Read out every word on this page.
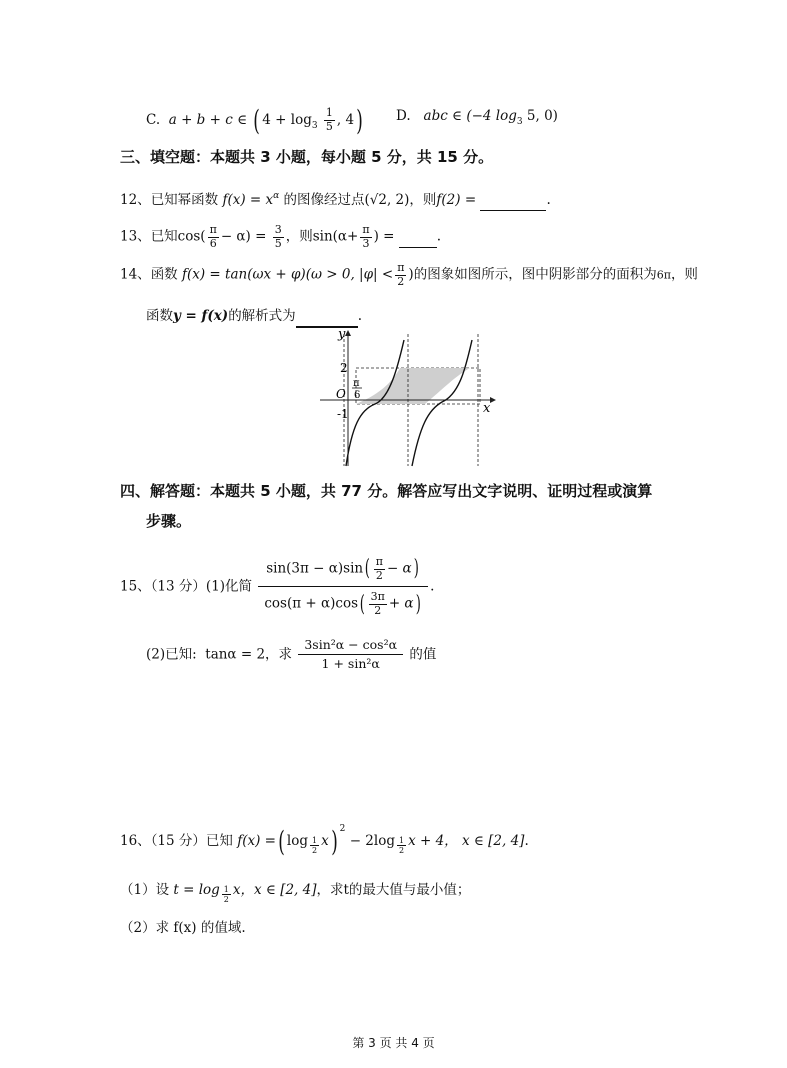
C. a + b + c ∈ ( $4 + \log_3 \frac{1}{5}$ , 4) D. abc ∈ (−4 $\log_3 5$, 0)
三、填空题：本题共 3 小题，每小题 5 分，共 15 分。
12、已知幂函数 $f(x) = x^\alpha$ 的图像经过点(√2, 2)，则f(2) =	.
13、已知$\cos( \frac{\pi}{6} - \alpha) = \frac{3}{5}$ ，则$\sin(\alpha+ \frac{\pi}{3}$ ) =	.
14、函数 f(x) = tan(ωx + φ)(ω > 0, $|\varphi| < \frac{\pi}{2}$ )的图象如图所示，图中阴影部分的面积为6π，则
函数y = f(x)的解析式为	.
y
x
O
2
π
6
-1
四、解答题：本题共 5 小题，共 77 分。解答应写出文字说明、证明过程或演算
步骤。
15、（13 分）(1)化简 $\frac{\sin(3\pi - \alpha)\sin( \frac{\pi}{2} - \alpha)}{\cos(\pi + \alpha)\cos( \frac{3\pi}{2} + \alpha)}$ .
(2)已知: tanα = 2，求 $\frac{\text{3sin²α − cos²α}}{\text{1 + sin²α}}$ 的值
16、（15 分）已知 f(x) =( $\log \frac{1}{2} x$) $^2 - 2\log \frac{1}{2}$ x + 4， x ∈ [2, 4].
（1）设 $t = \log \frac{1}{2}$ x，x ∈ [2, 4]，求t的最大值与最小值；
（2）求 f(x) 的值域.
第 3 页 共 4 页
